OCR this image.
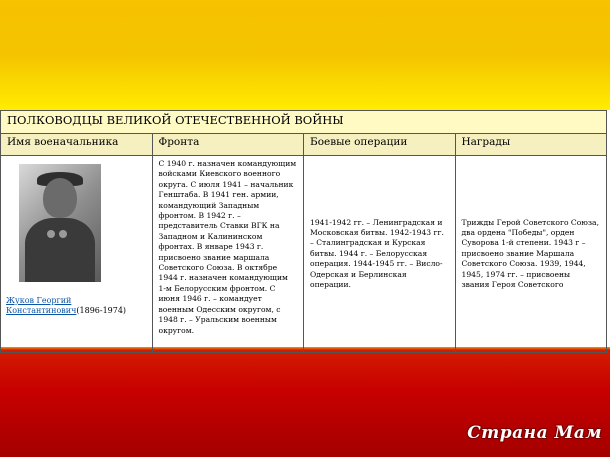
ПОЛКОВОДЦЫ ВЕЛИКОЙ ОТЕЧЕСТВЕННОЙ ВОЙНЫ			
Имя военачальника	Фронта	Боевые операции	Награды

Жуков Георгий Константинович(1896-1974)	С 1940 г. назначен командующим войсками Киевского военного округа. С июля 1941 – начальник Генштаба. В 1941 ген. армии, командующий Западным фронтом. В 1942 г. – представитель Ставки ВГК на Западном и Калининском фронтах. В январе 1943 г. присвоено звание маршала Советского Союза. В октябре 1944 г. назначен командующим 1-м Белорусским фронтом. С июня 1946 г. – командует военным Одесским округом, с 1948 г. – Уральским военным округом.	1941-1942 гг. – Ленинградская и Московская битвы. 1942-1943 гг. – Сталинградская и Курская битвы. 1944 г. – Белорусская операция. 1944-1945 гг. – Висло-Одерская и Берлинская операции.	Трижды Герой Советского Союза, два ордена "Победы", орден Суворова 1-й степени. 1943 г – присвоено звание Маршала Советского Союза. 1939, 1944, 1945, 1974 гг. – присвоены звания Героя Советского
Страна Мам
